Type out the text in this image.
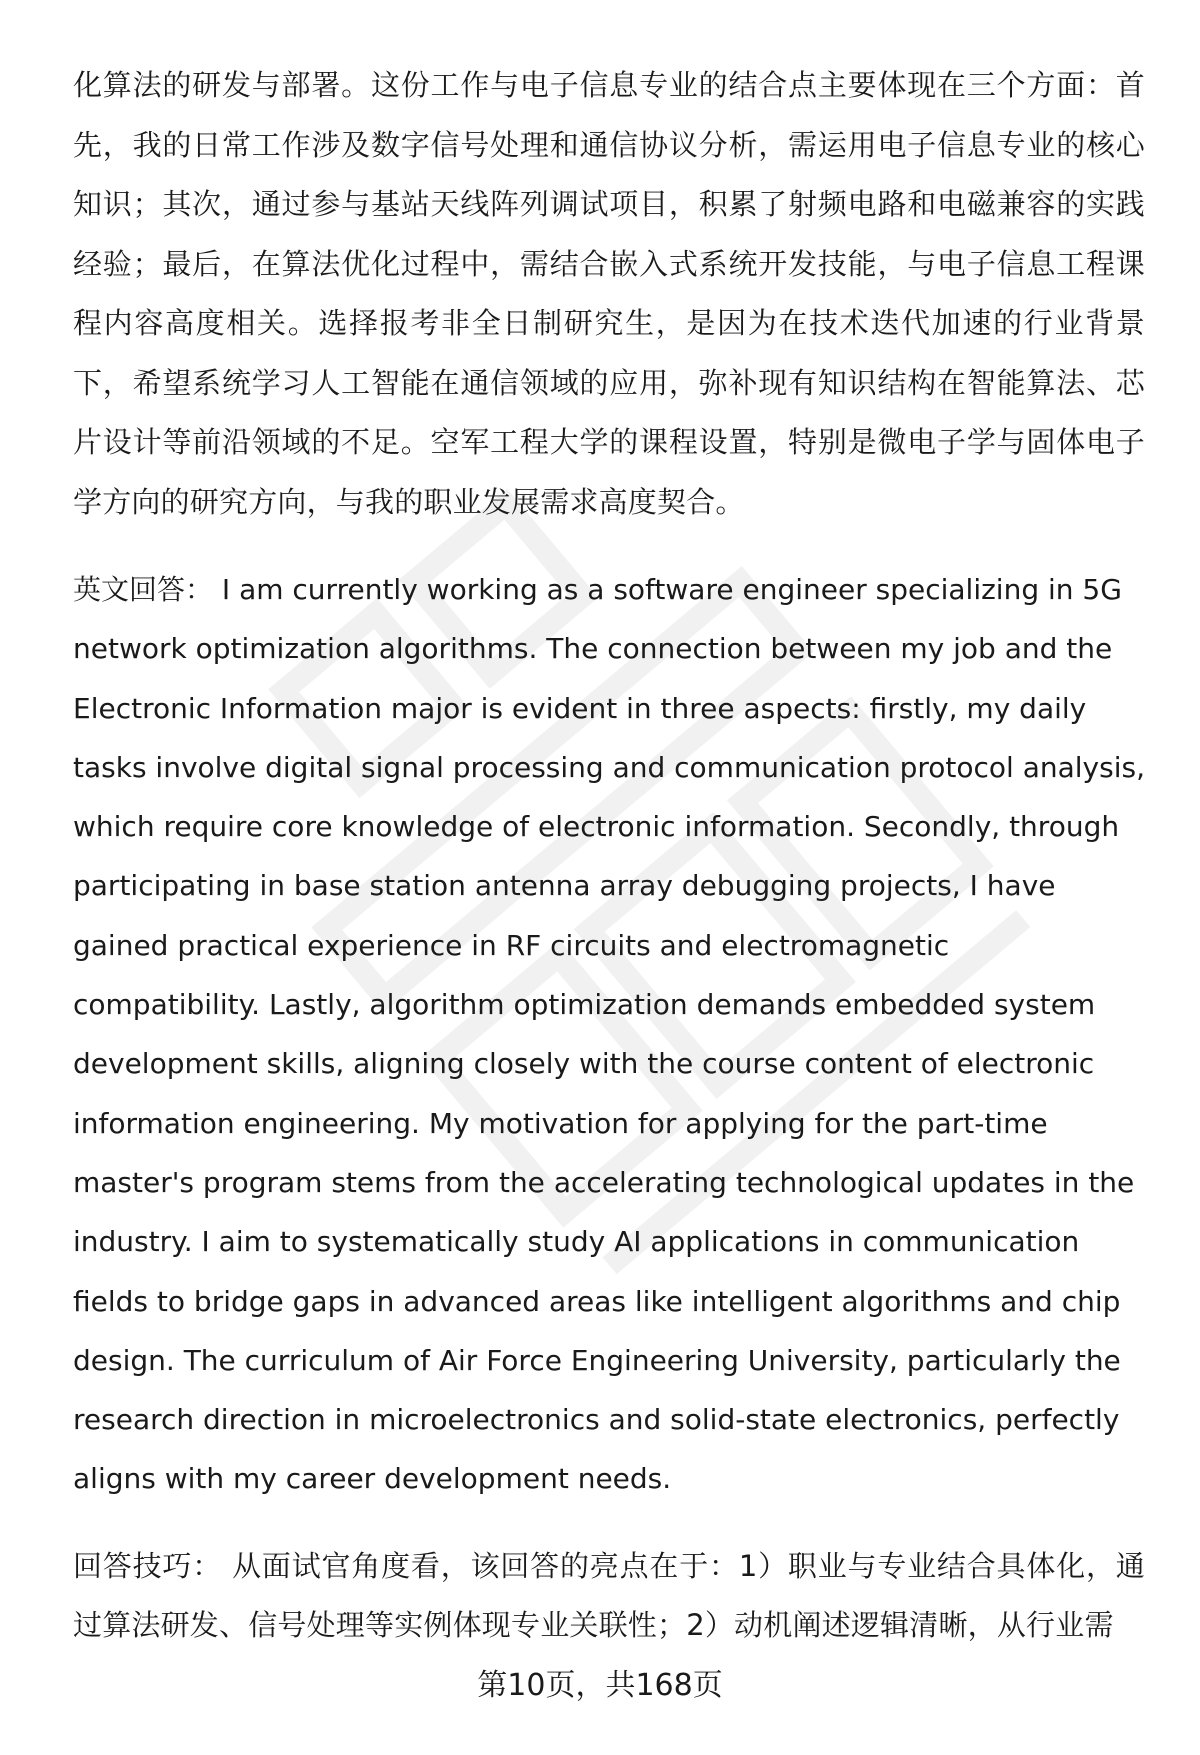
化算法的研发与部署。这份工作与电子信息专业的结合点主要体现在三个方面：首先，我的日常工作涉及数字信号处理和通信协议分析，需运用电子信息专业的核心知识；其次，通过参与基站天线阵列调试项目，积累了射频电路和电磁兼容的实践经验；最后，在算法优化过程中，需结合嵌入式系统开发技能，与电子信息工程课程内容高度相关。选择报考非全日制研究生，是因为在技术迭代加速的行业背景下，希望系统学习人工智能在通信领域的应用，弥补现有知识结构在智能算法、芯片设计等前沿领域的不足。空军工程大学的课程设置，特别是微电子学与固体电子学方向的研究方向，与我的职业发展需求高度契合。

英文回答： I am currently working as a software engineer specializing in 5G network optimization algorithms. The connection between my job and the Electronic Information major is evident in three aspects: firstly, my daily tasks involve digital signal processing and communication protocol analysis, which require core knowledge of electronic information. Secondly, through participating in base station antenna array debugging projects, I have gained practical experience in RF circuits and electromagnetic compatibility. Lastly, algorithm optimization demands embedded system development skills, aligning closely with the course content of electronic information engineering. My motivation for applying for the part-time master's program stems from the accelerating technological updates in the industry. I aim to systematically study AI applications in communication fields to bridge gaps in advanced areas like intelligent algorithms and chip design. The curriculum of Air Force Engineering University, particularly the research direction in microelectronics and solid-state electronics, perfectly aligns with my career development needs.

回答技巧： 从面试官角度看，该回答的亮点在于：1）职业与专业结合具体化，通过算法研发、信号处理等实例体现专业关联性；2）动机阐述逻辑清晰，从行业需

第10页，共168页
